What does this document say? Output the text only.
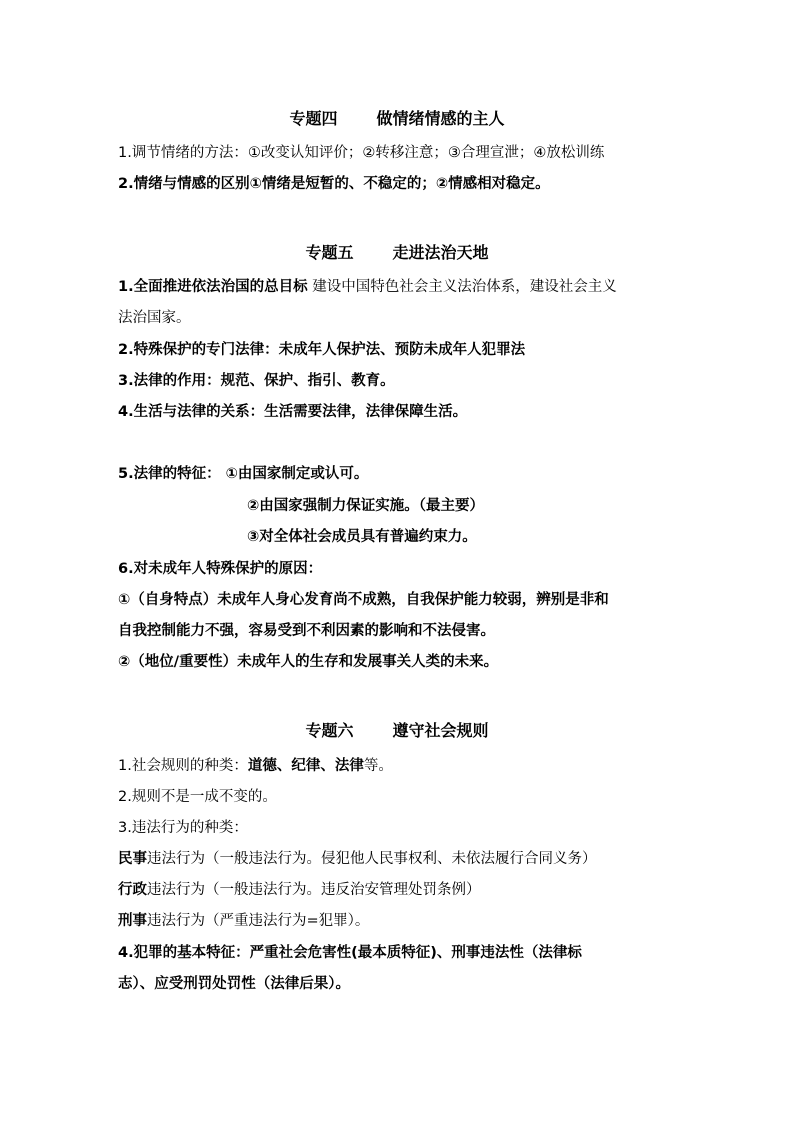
专题四       做情绪情感的主人

1.调节情绪的方法：①改变认知评价；②转移注意；③合理宣泄；④放松训练

2.情绪与情感的区别①情绪是短暂的、不稳定的；②情感相对稳定。

专题五       走进法治天地

1.全面推进依法治国的总目标 建设中国特色社会主义法治体系，建设社会主义

法治国家。

2.特殊保护的专门法律：未成年人保护法、预防未成年人犯罪法

3.法律的作用：规范、保护、指引、教育。

4.生活与法律的关系：生活需要法律，法律保障生活。

5.法律的特征： ①由国家制定或认可。

②由国家强制力保证实施。（最主要）

③对全体社会成员具有普遍约束力。

6.对未成年人特殊保护的原因：

①（自身特点）未成年人身心发育尚不成熟，自我保护能力较弱，辨别是非和

自我控制能力不强，容易受到不利因素的影响和不法侵害。

②（地位/重要性）未成年人的生存和发展事关人类的未来。

专题六       遵守社会规则

1.社会规则的种类：道德、纪律、法律等。

2.规则不是一成不变的。

3.违法行为的种类：

民事违法行为（一般违法行为。侵犯他人民事权利、未依法履行合同义务）

行政违法行为（一般违法行为。违反治安管理处罚条例）

刑事违法行为（严重违法行为=犯罪）。

4.犯罪的基本特征：严重社会危害性(最本质特征)、刑事违法性（法律标

志）、应受刑罚处罚性（法律后果）。
